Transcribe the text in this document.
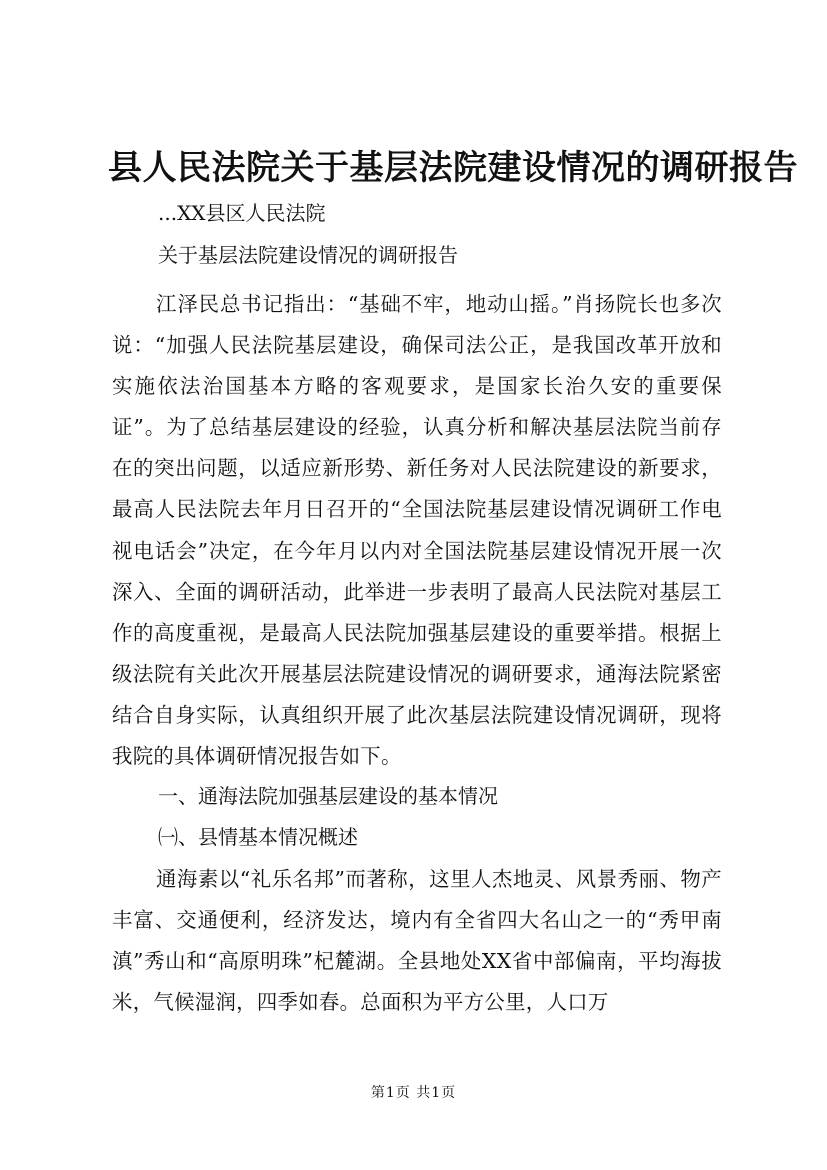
县人民法院关于基层法院建设情况的调研报告
...XX县区人民法院
关于基层法院建设情况的调研报告

江泽民总书记指出：“基础不牢，地动山摇。”肖扬院长也多次说：“加强人民法院基层建设，确保司法公正，是我国改革开放和实施依法治国基本方略的客观要求，是国家长治久安的重要保证”。为了总结基层建设的经验，认真分析和解决基层法院当前存在的突出问题，以适应新形势、新任务对人民法院建设的新要求，最高人民法院去年月日召开的“全国法院基层建设情况调研工作电视电话会”决定，在今年月以内对全国法院基层建设情况开展一次深入、全面的调研活动，此举进一步表明了最高人民法院对基层工作的高度重视，是最高人民法院加强基层建设的重要举措。根据上级法院有关此次开展基层法院建设情况的调研要求，通海法院紧密结合自身实际，认真组织开展了此次基层法院建设情况调研，现将我院的具体调研情况报告如下。

一、通海法院加强基层建设的基本情况
㈠、县情基本情况概述

通海素以“礼乐名邦”而著称，这里人杰地灵、风景秀丽、物产丰富、交通便利，经济发达，境内有全省四大名山之一的“秀甲南滇”秀山和“高原明珠”杞麓湖。全县地处XX省中部偏南，平均海拔米，气候湿润，四季如春。总面积为平方公里，人口万

第1页 共1页
